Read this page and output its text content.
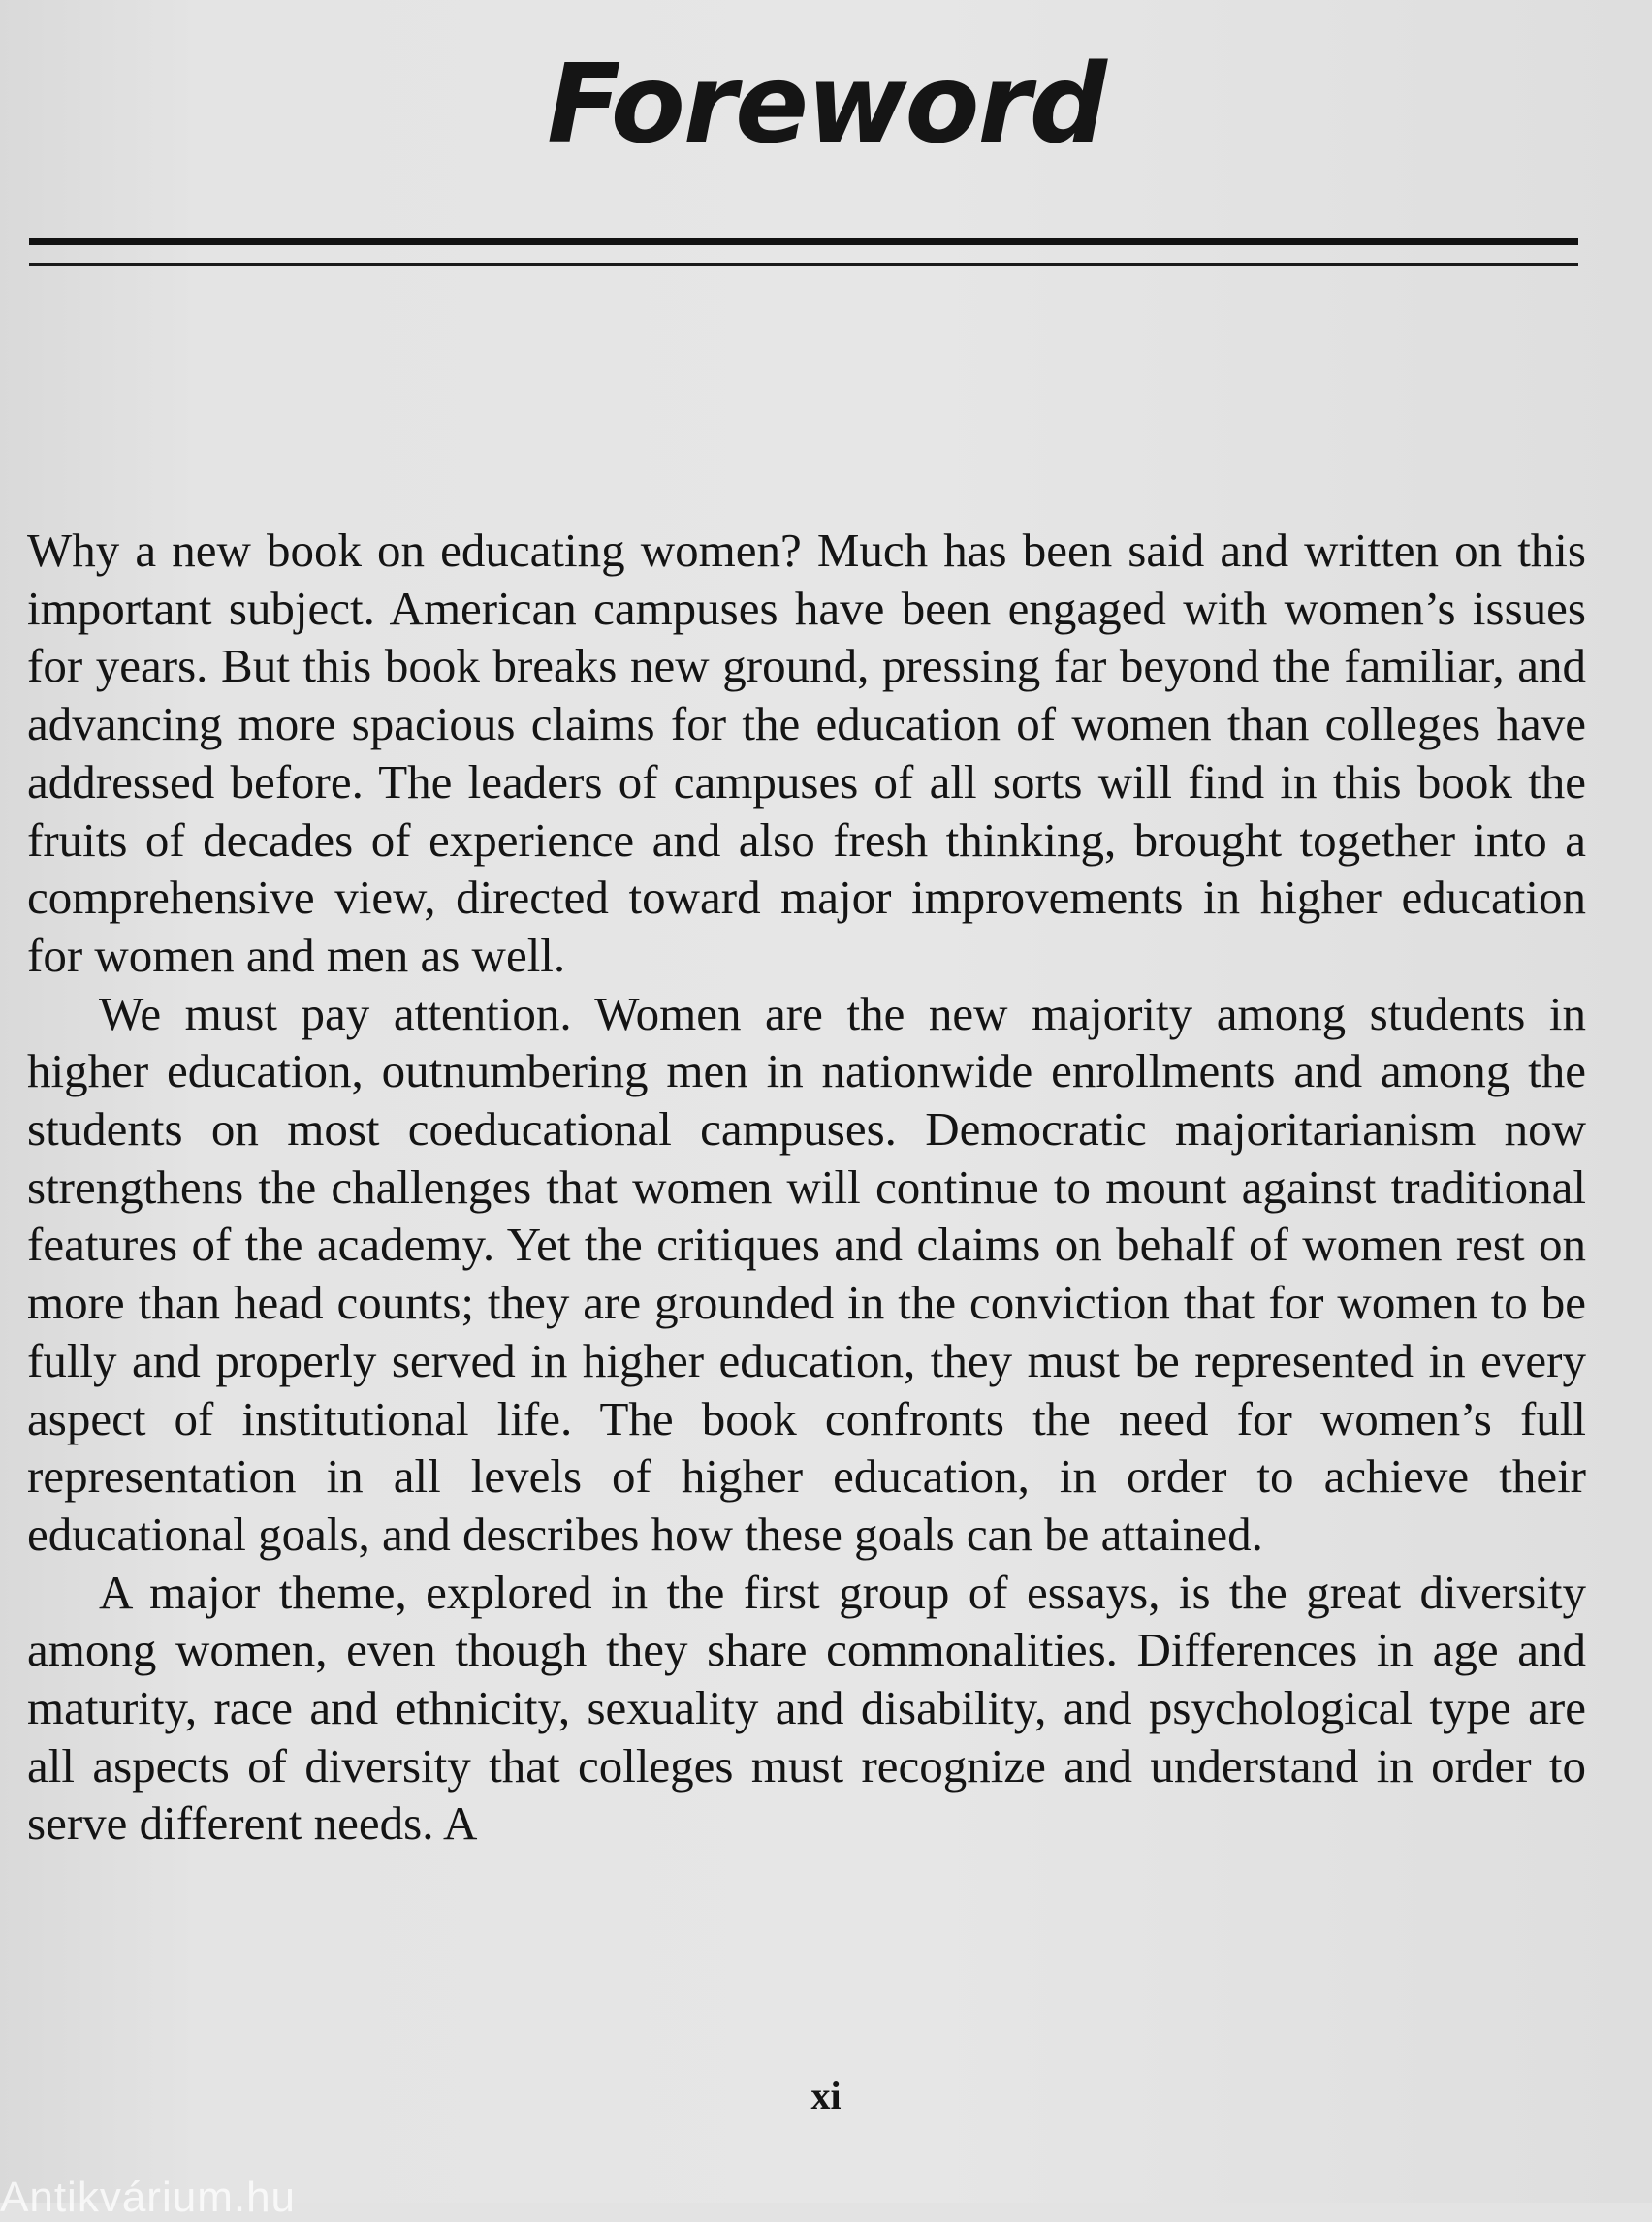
Foreword

Why a new book on educating women? Much has been said and written on this important subject. American campuses have been engaged with women’s issues for years. But this book breaks new ground, pressing far beyond the familiar, and advancing more spacious claims for the education of women than colleges have addressed before. The leaders of campuses of all sorts will find in this book the fruits of decades of experience and also fresh thinking, brought together into a comprehensive view, directed toward major improvements in higher education for women and men as well.

We must pay attention. Women are the new majority among students in higher education, outnumbering men in nationwide enrollments and among the students on most coeducational campuses. Democratic majoritarianism now strengthens the challenges that women will continue to mount against traditional features of the academy. Yet the critiques and claims on behalf of women rest on more than head counts; they are grounded in the conviction that for women to be fully and properly served in higher education, they must be represented in every aspect of institutional life. The book confronts the need for women’s full representation in all levels of higher education, in order to achieve their educational goals, and describes how these goals can be attained.

A major theme, explored in the first group of essays, is the great diversity among women, even though they share commonalities. Differences in age and maturity, race and ethnicity, sexuality and disability, and psychological type are all aspects of diversity that colleges must recognize and understand in order to serve different needs. A

xi
Antikvárium.hu
